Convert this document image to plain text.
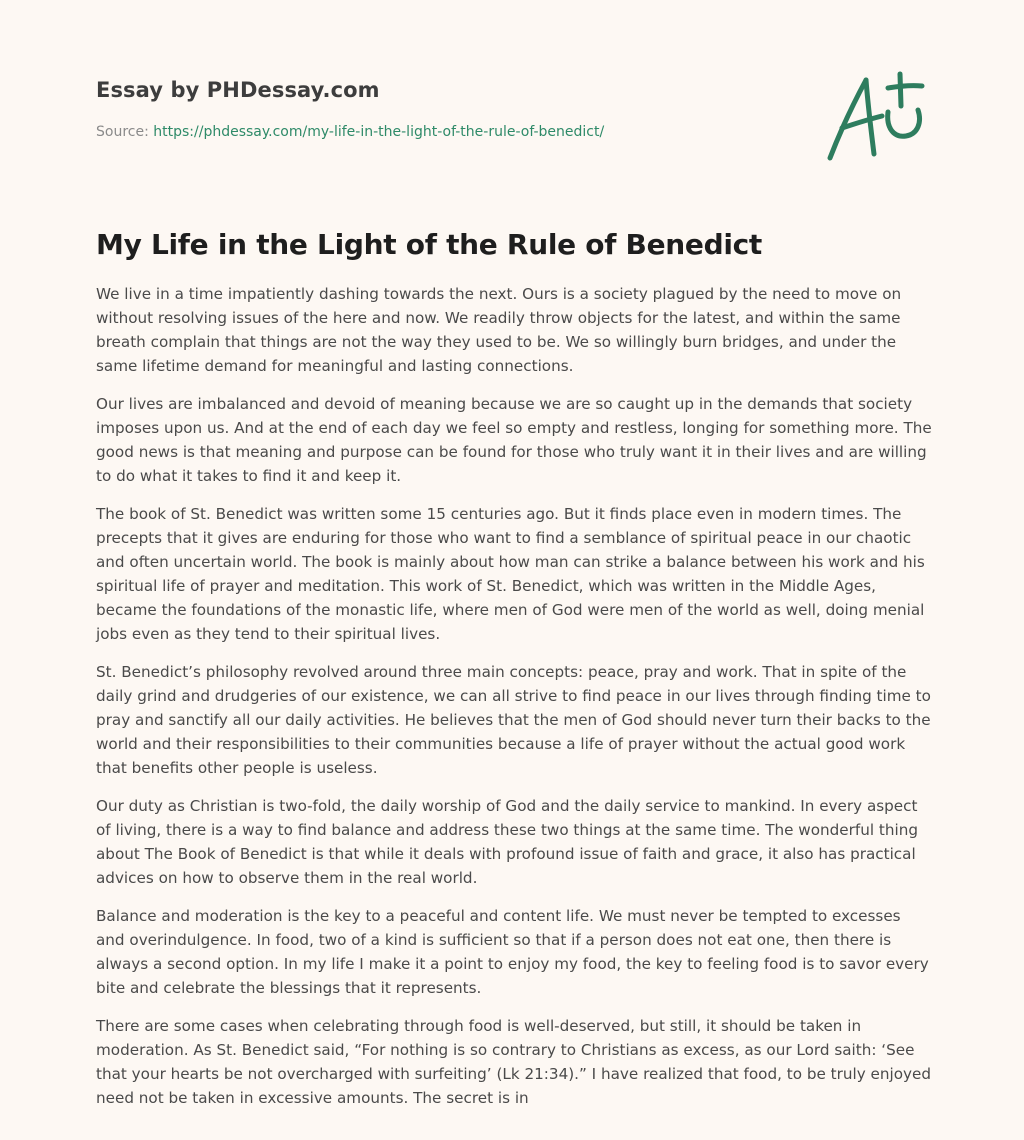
Essay by PHDessay.com
Source: https://phdessay.com/my-life-in-the-light-of-the-rule-of-benedict/
My Life in the Light of the Rule of Benedict

We live in a time impatiently dashing towards the next. Ours is a society plagued by the need to move on without resolving issues of the here and now. We readily throw objects for the latest, and within the same breath complain that things are not the way they used to be. We so willingly burn bridges, and under the same lifetime demand for meaningful and lasting connections.

Our lives are imbalanced and devoid of meaning because we are so caught up in the demands that society imposes upon us. And at the end of each day we feel so empty and restless, longing for something more. The good news is that meaning and purpose can be found for those who truly want it in their lives and are willing to do what it takes to find it and keep it.

The book of St. Benedict was written some 15 centuries ago. But it finds place even in modern times. The precepts that it gives are enduring for those who want to find a semblance of spiritual peace in our chaotic and often uncertain world. The book is mainly about how man can strike a balance between his work and his spiritual life of prayer and meditation. This work of St. Benedict, which was written in the Middle Ages, became the foundations of the monastic life, where men of God were men of the world as well, doing menial jobs even as they tend to their spiritual lives.

St. Benedict’s philosophy revolved around three main concepts: peace, pray and work. That in spite of the daily grind and drudgeries of our existence, we can all strive to find peace in our lives through finding time to pray and sanctify all our daily activities. He believes that the men of God should never turn their backs to the world and their responsibilities to their communities because a life of prayer without the actual good work that benefits other people is useless.

Our duty as Christian is two-fold, the daily worship of God and the daily service to mankind. In every aspect of living, there is a way to find balance and address these two things at the same time. The wonderful thing about The Book of Benedict is that while it deals with profound issue of faith and grace, it also has practical advices on how to observe them in the real world.

Balance and moderation is the key to a peaceful and content life. We must never be tempted to excesses and overindulgence. In food, two of a kind is sufficient so that if a person does not eat one, then there is always a second option. In my life I make it a point to enjoy my food, the key to feeling food is to savor every bite and celebrate the blessings that it represents.

There are some cases when celebrating through food is well-deserved, but still, it should be taken in moderation. As St. Benedict said, “For nothing is so contrary to Christians as excess, as our Lord saith: ‘See that your hearts be not overcharged with surfeiting’ (Lk 21:34).” I have realized that food, to be truly enjoyed need not be taken in excessive amounts. The secret is in
